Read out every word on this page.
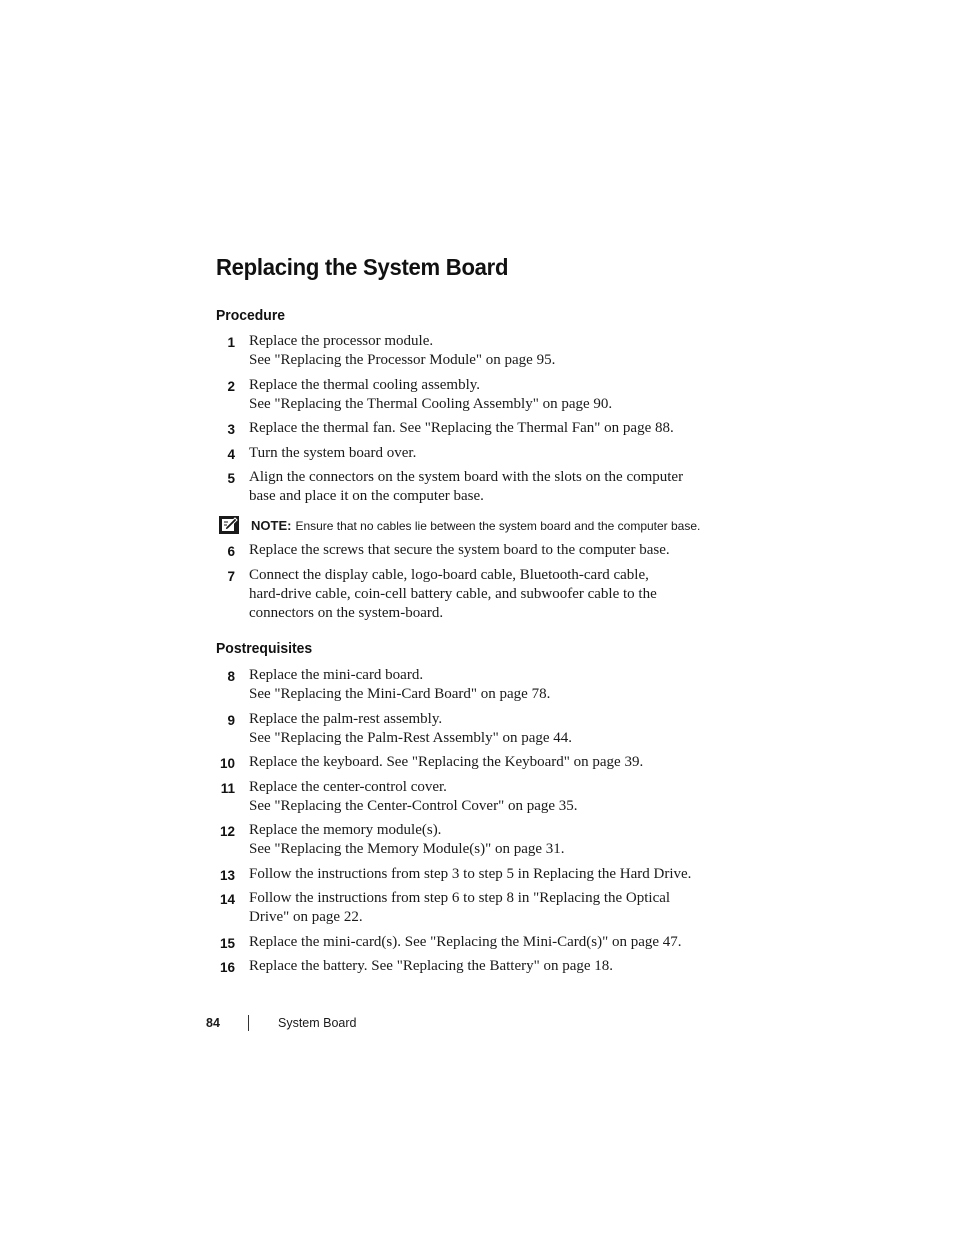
Replacing the System Board
Procedure
1 Replace the processor module.
See "Replacing the Processor Module" on page 95.
2 Replace the thermal cooling assembly.
See "Replacing the Thermal Cooling Assembly" on page 90.
3 Replace the thermal fan. See "Replacing the Thermal Fan" on page 88.
4 Turn the system board over.
5 Align the connectors on the system board with the slots on the computer
base and place it on the computer base.
NOTE: Ensure that no cables lie between the system board and the computer base.
6 Replace the screws that secure the system board to the computer base.
7 Connect the display cable, logo-board cable, Bluetooth-card cable,
hard-drive cable, coin-cell battery cable, and subwoofer cable to the
connectors on the system-board.
Postrequisites
8 Replace the mini-card board.
See "Replacing the Mini-Card Board" on page 78.
9 Replace the palm-rest assembly.
See "Replacing the Palm-Rest Assembly" on page 44.
10 Replace the keyboard. See "Replacing the Keyboard" on page 39.
11 Replace the center-control cover.
See "Replacing the Center-Control Cover" on page 35.
12 Replace the memory module(s).
See "Replacing the Memory Module(s)" on page 31.
13 Follow the instructions from step 3 to step 5 in Replacing the Hard Drive.
14 Follow the instructions from step 6 to step 8 in "Replacing the Optical
Drive" on page 22.
15 Replace the mini-card(s). See "Replacing the Mini-Card(s)" on page 47.
16 Replace the battery. See "Replacing the Battery" on page 18.
84	System Board
